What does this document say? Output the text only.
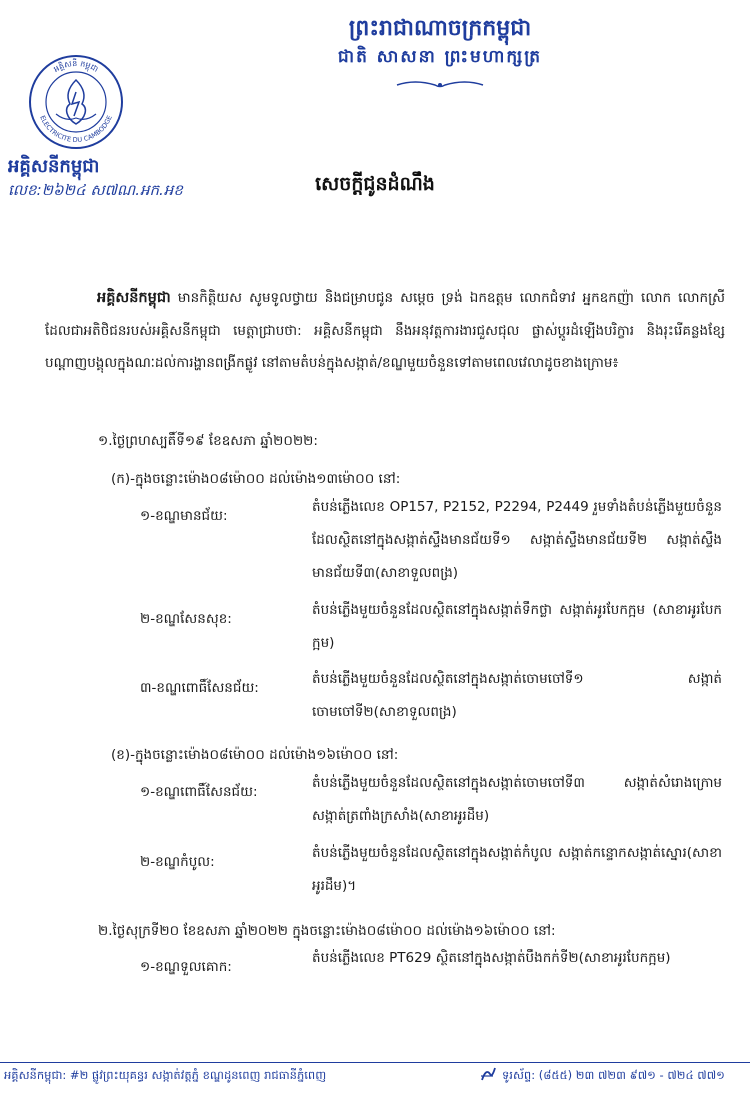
ព្រះរាជាណាចក្រកម្ពុជា
ជាតិ សាសនា ព្រះមហាក្សត្រ
អគ្គិសនី កម្ពុជា
ELECTRICITE DU CAMBODGE
អគ្គិសនីកម្ពុជា
លេខ:២៦២៤ ស៧ណ.អក.អខ	សេចក្តីជូនដំណឹង
អគ្គិសនីកម្ពុជា មានកិត្តិយស សូមទូលថ្វាយ និងជម្រាបជូន សម្តេច ទ្រង់ ឯកឧត្តម លោកជំទាវ អ្នកឧកញ៉ា លោក លោកស្រី ដែលជាអតិថិជនរបស់អគ្គិសនីកម្ពុជា មេត្តាជ្រាបថា: អគ្គិសនីកម្ពុជា នឹងអនុវត្តការងារជួសជុល ផ្លាស់ប្តូរដំឡើងបរិក្ខារ និងរុះរើគន្លងខ្សែបណ្តាញបង្គុលក្នុងណៈដល់ការង្ហានពង្រីកផ្លូវ នៅតាមតំបន់ក្នុងសង្កាត់/ខណ្ឌមួយចំនួនទៅតាមពេលវេលាដូចខាងក្រោម៖
១.ថ្ងៃព្រហស្បតិ៍ទី១៩ ខែឧសភា ឆ្នាំ២០២២:
(ក)-ក្នុងចន្លោះម៉ោង០៨ម៉ោ០០ ដល់ម៉ោង១៣ម៉ោ០០ នៅ:
១-ខណ្ឌមានជ័យ:
តំបន់ភ្លើងលេខ OP157, P2152, P2294, P2449 រួមទាំងតំបន់ភ្លើងមួយចំនួនដែលស្ថិតនៅក្នុងសង្កាត់ស្ទឹងមានជ័យទី១ សង្កាត់ស្ទឹងមានជ័យទី២ សង្កាត់ស្ទឹងមានជ័យទី៣(សាខាទួលពង្រ)
២-ខណ្ឌសែនសុខ:
តំបន់ភ្លើងមួយចំនួនដែលស្ថិតនៅក្នុងសង្កាត់ទឹកថ្លា សង្កាត់អូរបែកក្អម (សាខាអូរបែកក្អម)
៣-ខណ្ឌពោធិ៍សែនជ័យ:
តំបន់ភ្លើងមួយចំនួនដែលស្ថិតនៅក្នុងសង្កាត់ចោមចៅទី១ សង្កាត់ចោមចៅទី២(សាខាទួលពង្រ)
(ខ)-ក្នុងចន្លោះម៉ោង០៨ម៉ោ០០ ដល់ម៉ោង១៦ម៉ោ០០ នៅ:
១-ខណ្ឌពោធិ៍សែនជ័យ:
តំបន់ភ្លើងមួយចំនួនដែលស្ថិតនៅក្នុងសង្កាត់ចោមចៅទី៣ សង្កាត់សំរោងក្រោម សង្កាត់ត្រពាំងក្រសាំង(សាខាអូរដឹម)
២-ខណ្ឌកំបូល:
តំបន់ភ្លើងមួយចំនួនដែលស្ថិតនៅក្នុងសង្កាត់កំបូល សង្កាត់កន្ទោកសង្កាត់ស្នោរ(សាខាអូរដឹម)។
២.ថ្ងៃសុក្រទី២០ ខែឧសភា ឆ្នាំ២០២២ ក្នុងចន្លោះម៉ោង០៨ម៉ោ០០ ដល់ម៉ោង១៦ម៉ោ០០ នៅ:
១-ខណ្ឌទួលគោក:
តំបន់ភ្លើងលេខ PT629 ស្ថិតនៅក្នុងសង្កាត់បឹងកក់ទី២(សាខាអូរបែកក្អម)
អគ្គិសនីកម្ពុជា: #២ ផ្លូវព្រះយុគន្ធរ សង្កាត់វត្តភ្នំ ខណ្ឌដូនពេញ រាជធានីភ្នំពេញ	ទូរស័ព្ទ: (៨៥៥) ២៣ ៧២៣ ៩៧១ - ៧២៤ ៧៧១
